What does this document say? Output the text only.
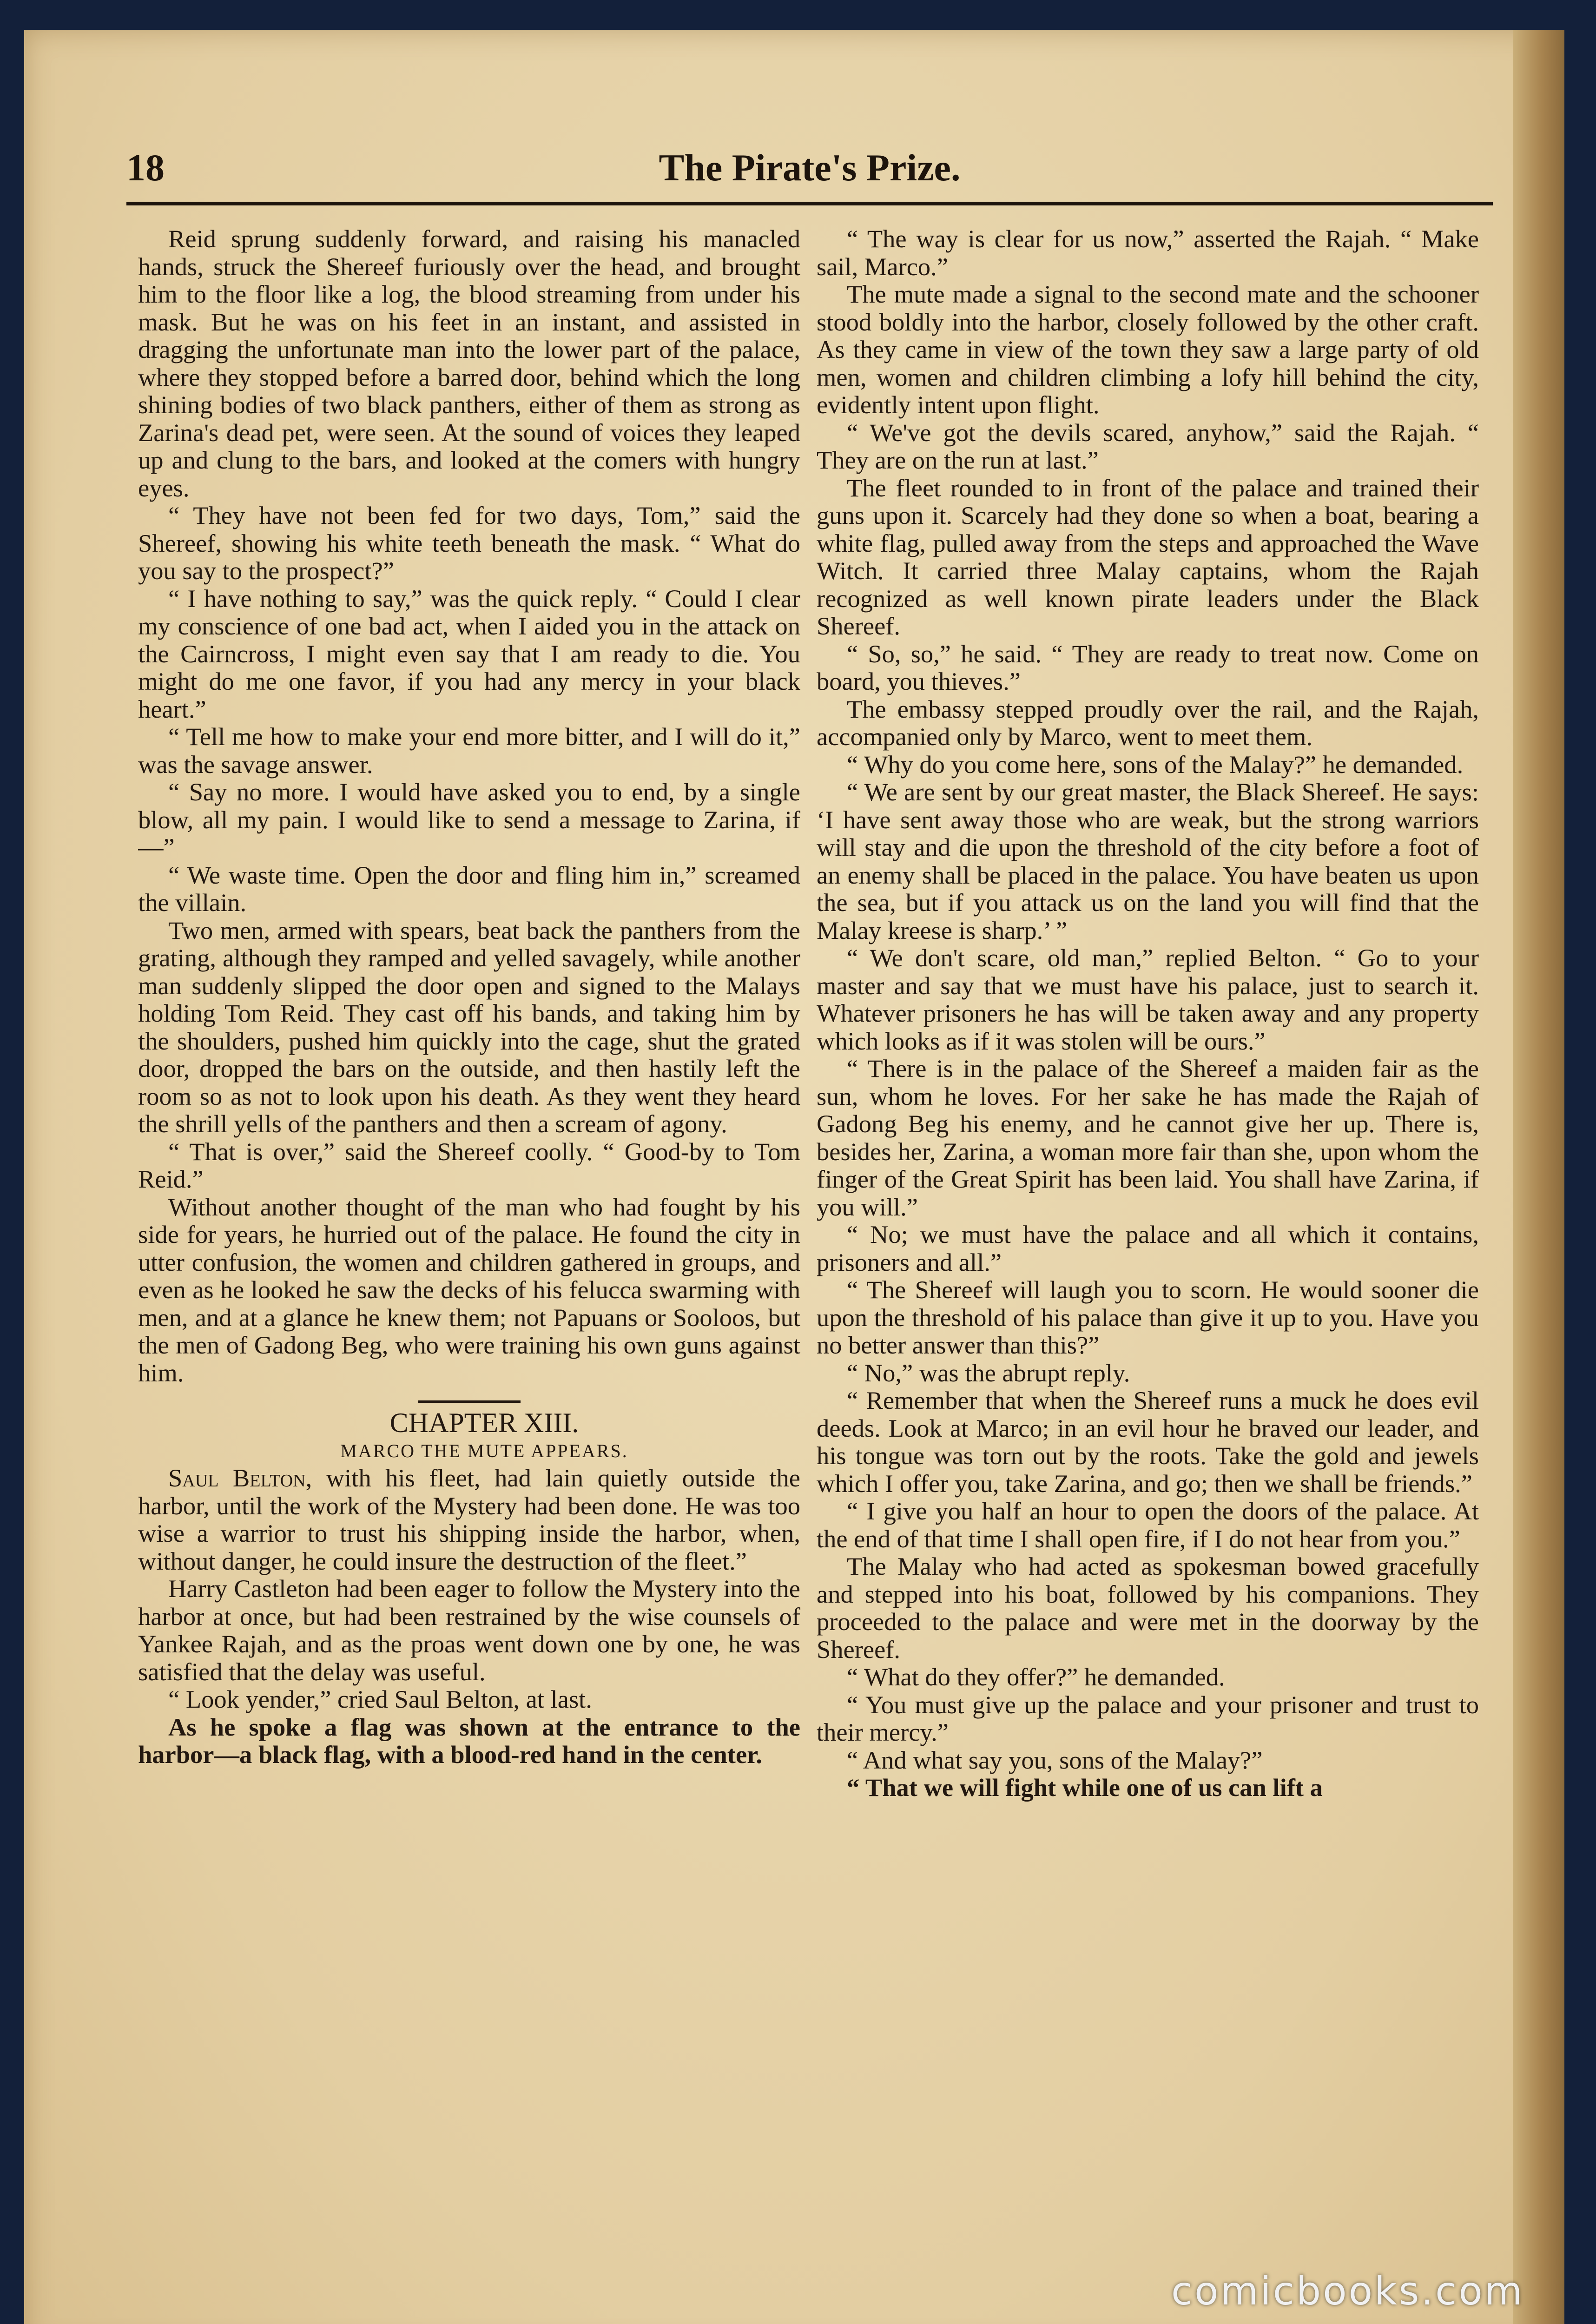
18	The Pirate's Prize.

Reid sprung suddenly forward, and raising his manacled hands, struck the Shereef furiously over the head, and brought him to the floor like a log, the blood streaming from under his mask. But he was on his feet in an instant, and assisted in dragging the unfortunate man into the lower part of the palace, where they stopped before a barred door, behind which the long shining bodies of two black panthers, either of them as strong as Zarina's dead pet, were seen. At the sound of voices they leaped up and clung to the bars, and looked at the comers with hungry eyes.

“ They have not been fed for two days, Tom,” said the Shereef, showing his white teeth beneath the mask. “ What do you say to the prospect?”

“ I have nothing to say,” was the quick reply. “ Could I clear my conscience of one bad act, when I aided you in the attack on the Cairncross, I might even say that I am ready to die. You might do me one favor, if you had any mercy in your black heart.”

“ Tell me how to make your end more bitter, and I will do it,” was the savage answer.

“ Say no more. I would have asked you to end, by a single blow, all my pain. I would like to send a message to Zarina, if—”

“ We waste time. Open the door and fling him in,” screamed the villain.

Two men, armed with spears, beat back the panthers from the grating, although they ramped and yelled savagely, while another man suddenly slipped the door open and signed to the Malays holding Tom Reid. They cast off his bands, and taking him by the shoulders, pushed him quickly into the cage, shut the grated door, dropped the bars on the outside, and then hastily left the room so as not to look upon his death. As they went they heard the shrill yells of the panthers and then a scream of agony.

“ That is over,” said the Shereef coolly. “ Good-by to Tom Reid.”

Without another thought of the man who had fought by his side for years, he hurried out of the palace. He found the city in utter confusion, the women and children gathered in groups, and even as he looked he saw the decks of his felucca swarming with men, and at a glance he knew them; not Papuans or Sooloos, but the men of Gadong Beg, who were training his own guns against him.

CHAPTER XIII.

MARCO THE MUTE APPEARS.

Saul Belton, with his fleet, had lain quietly outside the harbor, until the work of the Mystery had been done. He was too wise a warrior to trust his shipping inside the harbor, when, without danger, he could insure the destruction of the fleet.”

Harry Castleton had been eager to follow the Mystery into the harbor at once, but had been restrained by the wise counsels of Yankee Rajah, and as the proas went down one by one, he was satisfied that the delay was useful.

“ Look yender,” cried Saul Belton, at last.

As he spoke a flag was shown at the entrance to the harbor—a black flag, with a blood-red hand in the center.

“ The way is clear for us now,” asserted the Rajah. “ Make sail, Marco.”

The mute made a signal to the second mate and the schooner stood boldly into the harbor, closely followed by the other craft. As they came in view of the town they saw a large party of old men, women and children climbing a lofy hill behind the city, evidently intent upon flight.

“ We've got the devils scared, anyhow,” said the Rajah. “ They are on the run at last.”

The fleet rounded to in front of the palace and trained their guns upon it. Scarcely had they done so when a boat, bearing a white flag, pulled away from the steps and approached the Wave Witch. It carried three Malay captains, whom the Rajah recognized as well known pirate leaders under the Black Shereef.

“ So, so,” he said. “ They are ready to treat now. Come on board, you thieves.”

The embassy stepped proudly over the rail, and the Rajah, accompanied only by Marco, went to meet them.

“ Why do you come here, sons of the Malay?” he demanded.

“ We are sent by our great master, the Black Shereef. He says: ‘I have sent away those who are weak, but the strong warriors will stay and die upon the threshold of the city before a foot of an enemy shall be placed in the palace. You have beaten us upon the sea, but if you attack us on the land you will find that the Malay kreese is sharp.’ ”

“ We don't scare, old man,” replied Belton. “ Go to your master and say that we must have his palace, just to search it. Whatever prisoners he has will be taken away and any property which looks as if it was stolen will be ours.”

“ There is in the palace of the Shereef a maiden fair as the sun, whom he loves. For her sake he has made the Rajah of Gadong Beg his enemy, and he cannot give her up. There is, besides her, Zarina, a woman more fair than she, upon whom the finger of the Great Spirit has been laid. You shall have Zarina, if you will.”

“ No; we must have the palace and all which it contains, prisoners and all.”

“ The Shereef will laugh you to scorn. He would sooner die upon the threshold of his palace than give it up to you. Have you no better answer than this?”

“ No,” was the abrupt reply.

“ Remember that when the Shereef runs a muck he does evil deeds. Look at Marco; in an evil hour he braved our leader, and his tongue was torn out by the roots. Take the gold and jewels which I offer you, take Zarina, and go; then we shall be friends.”

“ I give you half an hour to open the doors of the palace. At the end of that time I shall open fire, if I do not hear from you.”

The Malay who had acted as spokesman bowed gracefully and stepped into his boat, followed by his companions. They proceeded to the palace and were met in the doorway by the Shereef.

“ What do they offer?” he demanded.

“ You must give up the palace and your prisoner and trust to their mercy.”

“ And what say you, sons of the Malay?”

“ That we will fight while one of us can lift a

comicbooks.com
